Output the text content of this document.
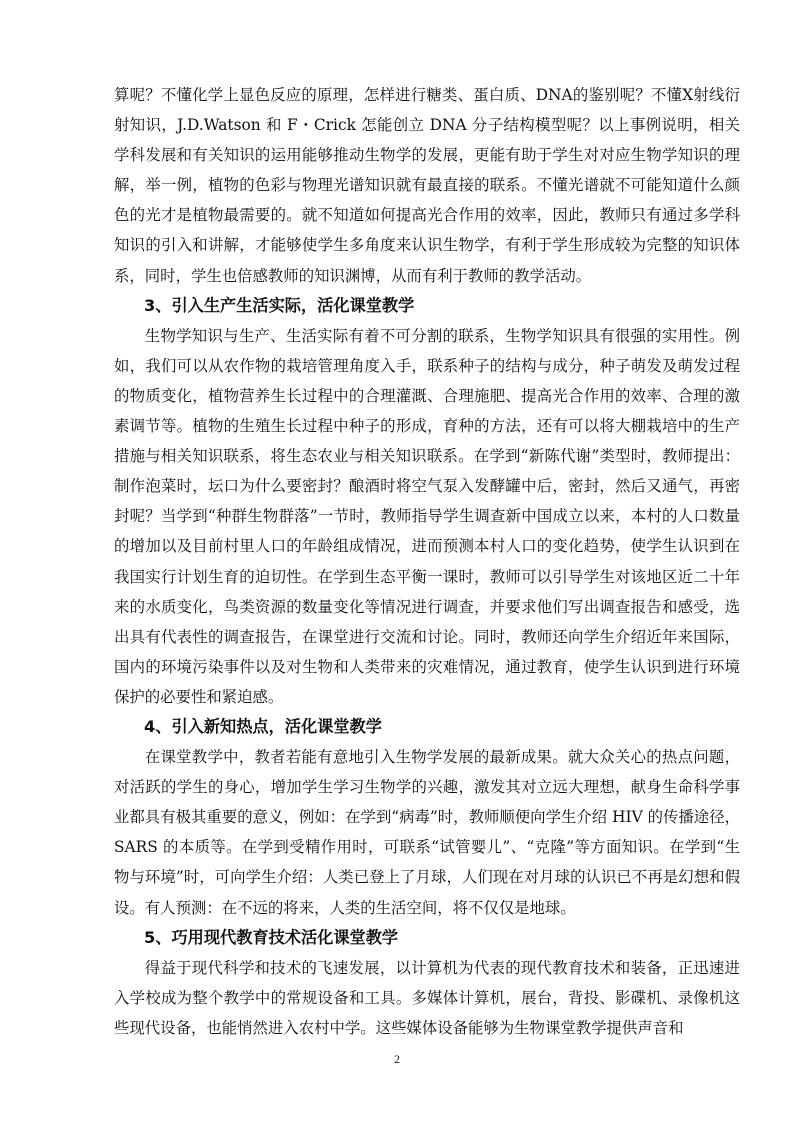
算呢？不懂化学上显色反应的原理，怎样进行糖类、蛋白质、DNA的鉴别呢？不懂X射线衍射知识，J.D.Watson 和 F・Crick 怎能创立 DNA 分子结构模型呢？以上事例说明，相关学科发展和有关知识的运用能够推动生物学的发展，更能有助于学生对对应生物学知识的理解，举一例，植物的色彩与物理光谱知识就有最直接的联系。不懂光谱就不可能知道什么颜色的光才是植物最需要的。就不知道如何提高光合作用的效率，因此，教师只有通过多学科知识的引入和讲解，才能够使学生多角度来认识生物学，有利于学生形成较为完整的知识体系，同时，学生也倍感教师的知识渊博，从而有利于教师的教学活动。

3、引入生产生活实际，活化课堂教学

生物学知识与生产、生活实际有着不可分割的联系，生物学知识具有很强的实用性。例如，我们可以从农作物的栽培管理角度入手，联系种子的结构与成分，种子萌发及萌发过程的物质变化，植物营养生长过程中的合理灌溉、合理施肥、提高光合作用的效率、合理的激素调节等。植物的生殖生长过程中种子的形成，育种的方法，还有可以将大棚栽培中的生产措施与相关知识联系，将生态农业与相关知识联系。在学到“新陈代谢”类型时，教师提出：制作泡菜时，坛口为什么要密封？酿酒时将空气泵入发酵罐中后，密封，然后又通气，再密封呢？当学到“种群生物群落”一节时，教师指导学生调查新中国成立以来，本村的人口数量的增加以及目前村里人口的年龄组成情况，进而预测本村人口的变化趋势，使学生认识到在我国实行计划生育的迫切性。在学到生态平衡一课时，教师可以引导学生对该地区近二十年来的水质变化，鸟类资源的数量变化等情况进行调查，并要求他们写出调查报告和感受，选出具有代表性的调查报告，在课堂进行交流和讨论。同时，教师还向学生介绍近年来国际，国内的环境污染事件以及对生物和人类带来的灾难情况，通过教育，使学生认识到进行环境保护的必要性和紧迫感。

4、引入新知热点，活化课堂教学

在课堂教学中，教者若能有意地引入生物学发展的最新成果。就大众关心的热点问题，对活跃的学生的身心，增加学生学习生物学的兴趣，激发其对立远大理想，献身生命科学事业都具有极其重要的意义，例如：在学到“病毒”时，教师顺便向学生介绍 HIV 的传播途径，SARS 的本质等。在学到受精作用时，可联系“试管婴儿”、“克隆”等方面知识。在学到“生物与环境”时，可向学生介绍：人类已登上了月球，人们现在对月球的认识已不再是幻想和假设。有人预测：在不远的将来，人类的生活空间，将不仅仅是地球。

5、巧用现代教育技术活化课堂教学

得益于现代科学和技术的飞速发展，以计算机为代表的现代教育技术和装备，正迅速进入学校成为整个教学中的常规设备和工具。多媒体计算机，展台，背投、影碟机、录像机这些现代设备，也能悄然进入农村中学。这些媒体设备能够为生物课堂教学提供声音和

2
